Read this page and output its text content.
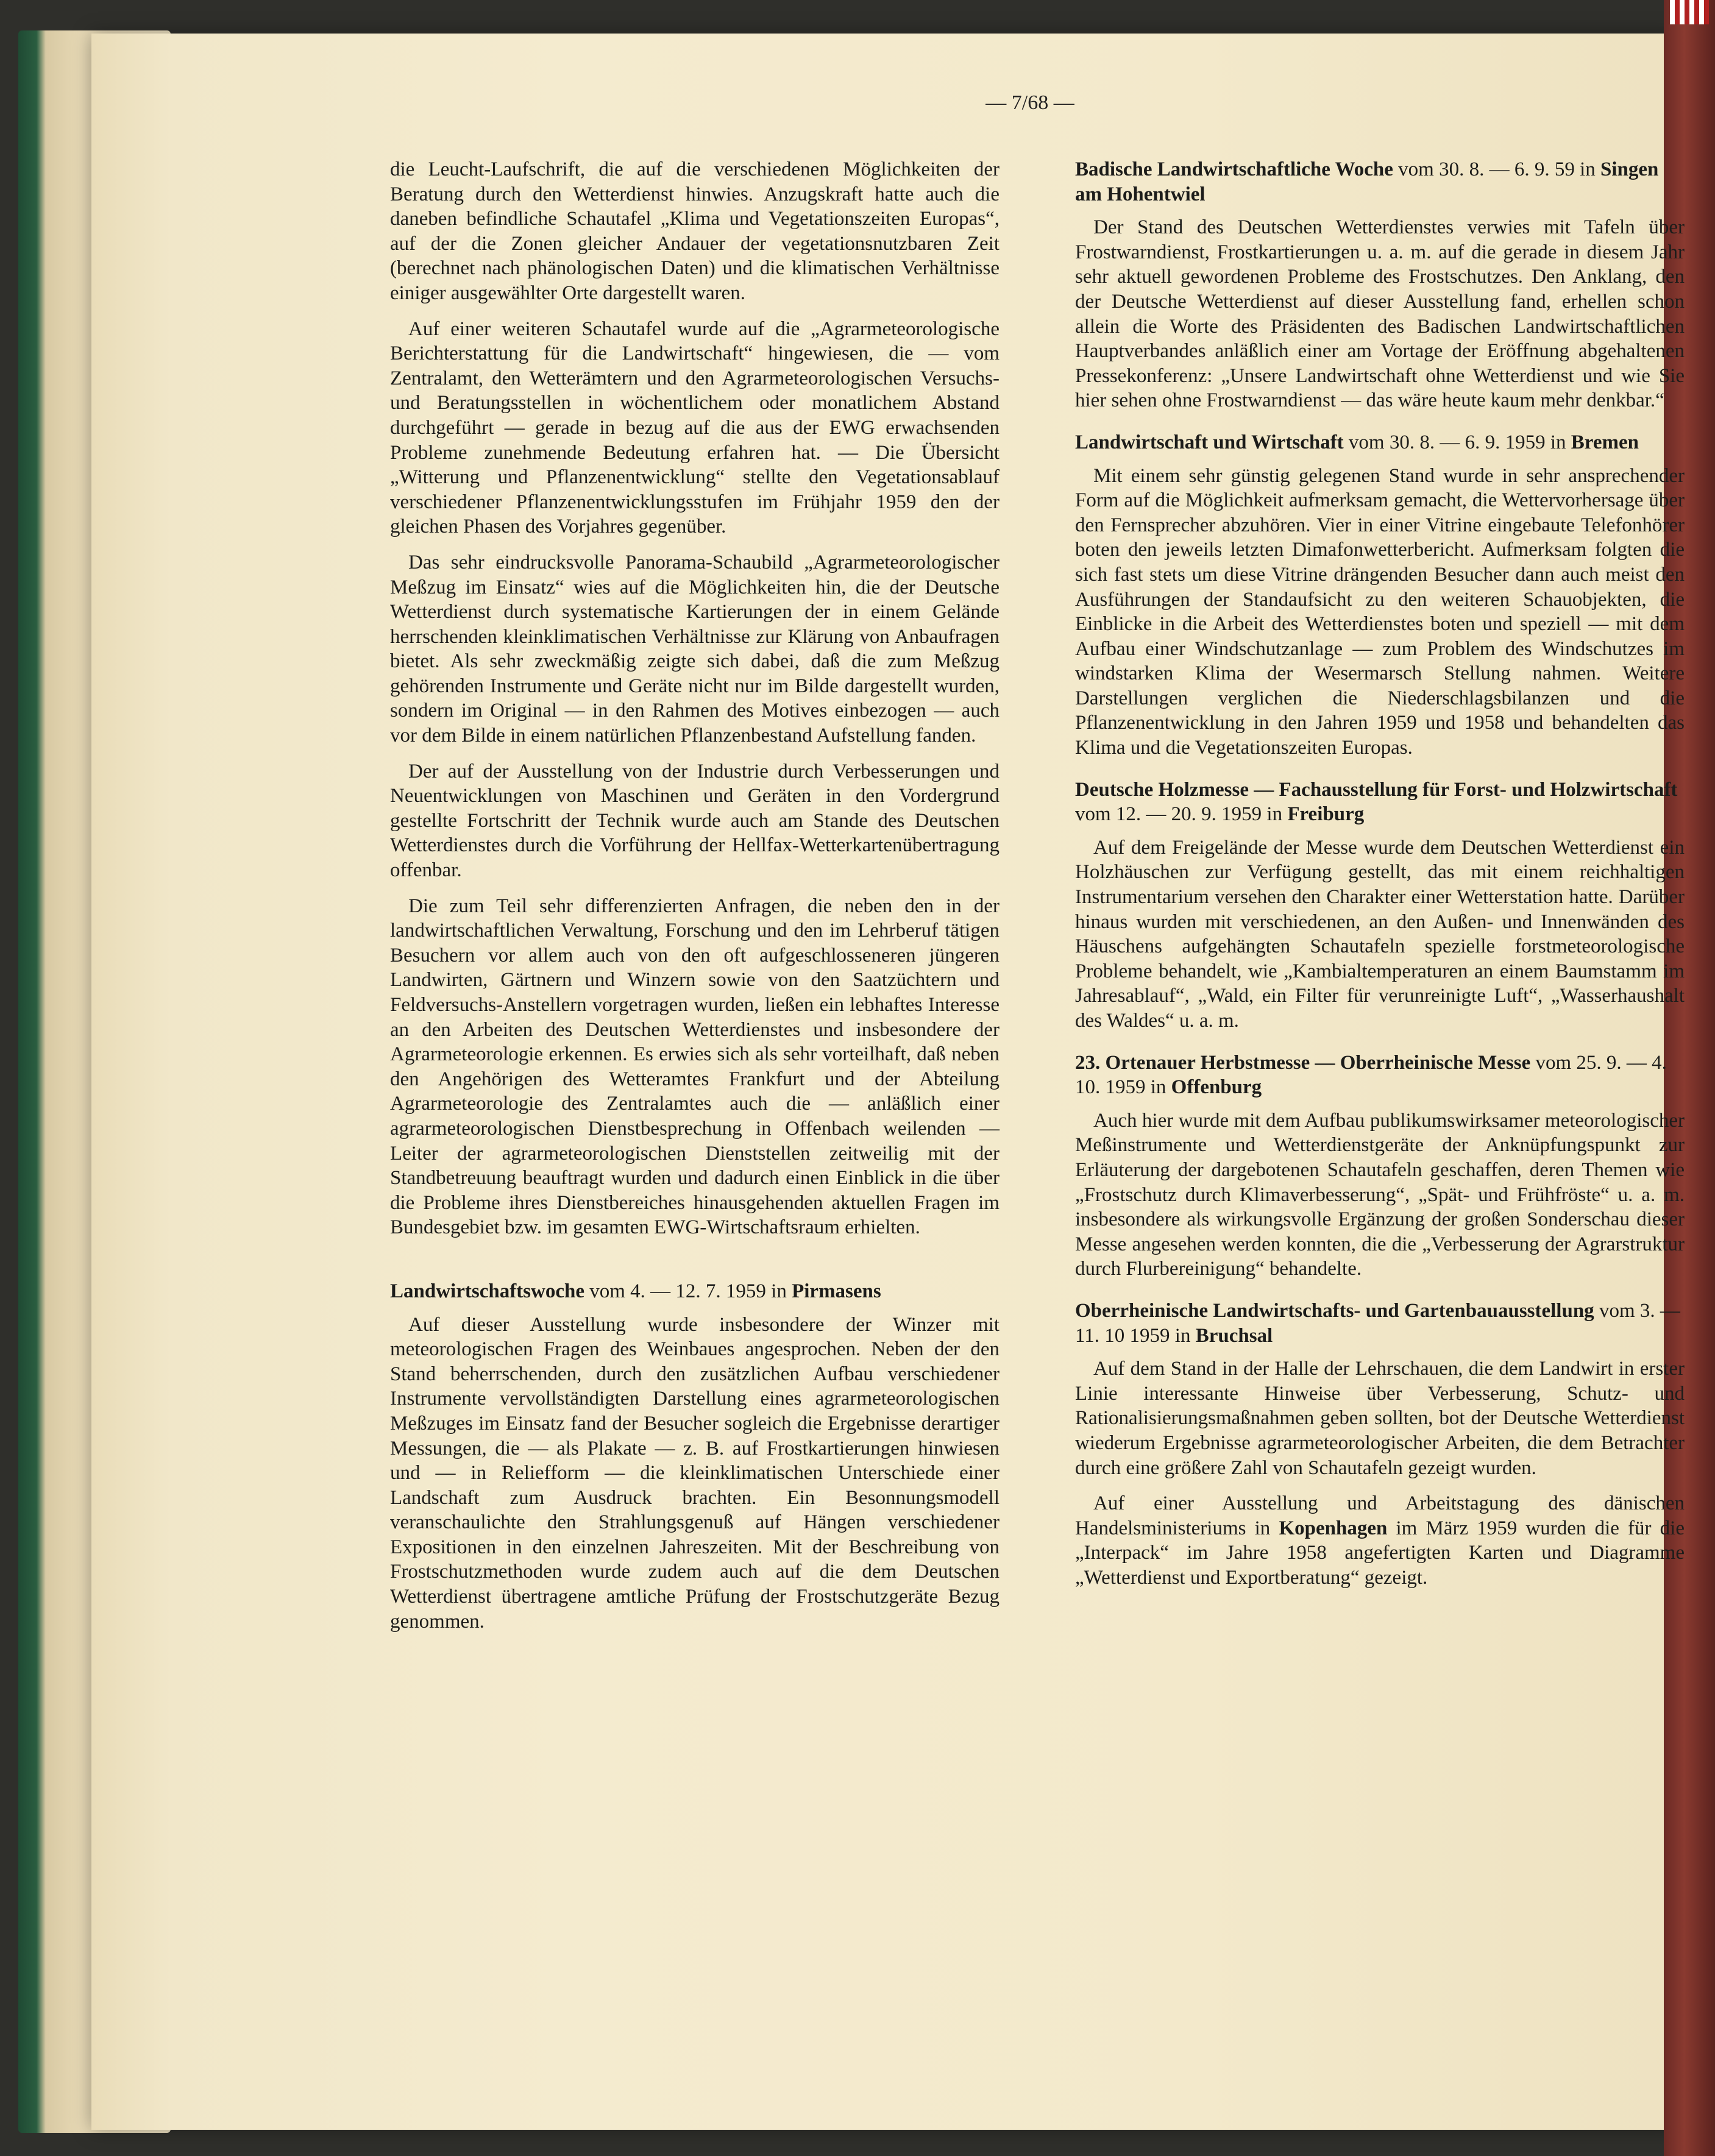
— 7/68 —

die Leucht-Laufschrift, die auf die verschiedenen Möglichkeiten der Beratung durch den Wetterdienst hinwies. Anzugskraft hatte auch die daneben befindliche Schautafel „Klima und Vegetationszeiten Europas“, auf der die Zonen gleicher Andauer der vegetationsnutzbaren Zeit (berechnet nach phänologischen Daten) und die klimatischen Verhältnisse einiger ausgewählter Orte dargestellt waren.

Auf einer weiteren Schautafel wurde auf die „Agrarmeteorologische Berichterstattung für die Landwirtschaft“ hingewiesen, die — vom Zentralamt, den Wetterämtern und den Agrarmeteorologischen Versuchs- und Beratungsstellen in wöchentlichem oder monatlichem Abstand durchgeführt — gerade in bezug auf die aus der EWG erwachsenden Probleme zunehmende Bedeutung erfahren hat. — Die Übersicht „Witterung und Pflanzenentwicklung“ stellte den Vegetationsablauf verschiedener Pflanzenentwicklungsstufen im Frühjahr 1959 den der gleichen Phasen des Vorjahres gegenüber.

Das sehr eindrucksvolle Panorama-Schaubild „Agrarmeteorologischer Meßzug im Einsatz“ wies auf die Möglichkeiten hin, die der Deutsche Wetterdienst durch systematische Kartierungen der in einem Gelände herrschenden kleinklimatischen Verhältnisse zur Klärung von Anbaufragen bietet. Als sehr zweckmäßig zeigte sich dabei, daß die zum Meßzug gehörenden Instrumente und Geräte nicht nur im Bilde dargestellt wurden, sondern im Original — in den Rahmen des Motives einbezogen — auch vor dem Bilde in einem natürlichen Pflanzenbestand Aufstellung fanden.

Der auf der Ausstellung von der Industrie durch Verbesserungen und Neuentwicklungen von Maschinen und Geräten in den Vordergrund gestellte Fortschritt der Technik wurde auch am Stande des Deutschen Wetterdienstes durch die Vorführung der Hellfax-Wetterkartenübertragung offenbar.

Die zum Teil sehr differenzierten Anfragen, die neben den in der landwirtschaftlichen Verwaltung, Forschung und den im Lehrberuf tätigen Besuchern vor allem auch von den oft aufgeschlosseneren jüngeren Landwirten, Gärtnern und Winzern sowie von den Saatzüchtern und Feldversuchs-Anstellern vorgetragen wurden, ließen ein lebhaftes Interesse an den Arbeiten des Deutschen Wetterdienstes und insbesondere der Agrarmeteorologie erkennen. Es erwies sich als sehr vorteilhaft, daß neben den Angehörigen des Wetteramtes Frankfurt und der Abteilung Agrarmeteorologie des Zentralamtes auch die — anläßlich einer agrarmeteorologischen Dienstbesprechung in Offenbach weilenden — Leiter der agrarmeteorologischen Dienststellen zeitweilig mit der Standbetreuung beauftragt wurden und dadurch einen Einblick in die über die Probleme ihres Dienstbereiches hinausgehenden aktuellen Fragen im Bundesgebiet bzw. im gesamten EWG-Wirtschaftsraum erhielten.

Landwirtschaftswoche vom 4. — 12. 7. 1959 in Pirmasens

Auf dieser Ausstellung wurde insbesondere der Winzer mit meteorologischen Fragen des Weinbaues angesprochen. Neben der den Stand beherrschenden, durch den zusätzlichen Aufbau verschiedener Instrumente vervollständigten Darstellung eines agrarmeteorologischen Meßzuges im Einsatz fand der Besucher sogleich die Ergebnisse derartiger Messungen, die — als Plakate — z. B. auf Frostkartierungen hinwiesen und — in Reliefform — die kleinklimatischen Unterschiede einer Landschaft zum Ausdruck brachten. Ein Besonnungsmodell veranschaulichte den Strahlungsgenuß auf Hängen verschiedener Expositionen in den einzelnen Jahreszeiten. Mit der Beschreibung von Frostschutzmethoden wurde zudem auch auf die dem Deutschen Wetterdienst übertragene amtliche Prüfung der Frostschutzgeräte Bezug genommen.

Badische Landwirtschaftliche Woche vom 30. 8. — 6. 9. 59 in Singen am Hohentwiel

Der Stand des Deutschen Wetterdienstes verwies mit Tafeln über Frostwarndienst, Frostkartierungen u. a. m. auf die gerade in diesem Jahr sehr aktuell gewordenen Probleme des Frostschutzes. Den Anklang, den der Deutsche Wetterdienst auf dieser Ausstellung fand, erhellen schon allein die Worte des Präsidenten des Badischen Landwirtschaftlichen Hauptverbandes anläßlich einer am Vortage der Eröffnung abgehaltenen Pressekonferenz: „Unsere Landwirtschaft ohne Wetterdienst und wie Sie hier sehen ohne Frostwarndienst — das wäre heute kaum mehr denkbar.“

Landwirtschaft und Wirtschaft vom 30. 8. — 6. 9. 1959 in Bremen

Mit einem sehr günstig gelegenen Stand wurde in sehr ansprechender Form auf die Möglichkeit aufmerksam gemacht, die Wettervorhersage über den Fernsprecher abzuhören. Vier in einer Vitrine eingebaute Telefonhörer boten den jeweils letzten Dimafonwetterbericht. Aufmerksam folgten die sich fast stets um diese Vitrine drängenden Besucher dann auch meist den Ausführungen der Standaufsicht zu den weiteren Schauobjekten, die Einblicke in die Arbeit des Wetterdienstes boten und speziell — mit dem Aufbau einer Windschutzanlage — zum Problem des Windschutzes im windstarken Klima der Wesermarsch Stellung nahmen. Weitere Darstellungen verglichen die Niederschlagsbilanzen und die Pflanzenentwicklung in den Jahren 1959 und 1958 und behandelten das Klima und die Vegetationszeiten Europas.

Deutsche Holzmesse — Fachausstellung für Forst- und Holzwirtschaft vom 12. — 20. 9. 1959 in Freiburg

Auf dem Freigelände der Messe wurde dem Deutschen Wetterdienst ein Holzhäuschen zur Verfügung gestellt, das mit einem reichhaltigen Instrumentarium versehen den Charakter einer Wetterstation hatte. Darüber hinaus wurden mit verschiedenen, an den Außen- und Innenwänden des Häuschens aufgehängten Schautafeln spezielle forstmeteorologische Probleme behandelt, wie „Kambialtemperaturen an einem Baumstamm im Jahresablauf“, „Wald, ein Filter für verunreinigte Luft“, „Wasserhaushalt des Waldes“ u. a. m.

23. Ortenauer Herbstmesse — Oberrheinische Messe vom 25. 9. — 4. 10. 1959 in Offenburg

Auch hier wurde mit dem Aufbau publikumswirksamer meteorologischer Meßinstrumente und Wetterdienstgeräte der Anknüpfungspunkt zur Erläuterung der dargebotenen Schautafeln geschaffen, deren Themen wie „Frostschutz durch Klimaverbesserung“, „Spät- und Frühfröste“ u. a. m. insbesondere als wirkungsvolle Ergänzung der großen Sonderschau dieser Messe angesehen werden konnten, die die „Verbesserung der Agrarstruktur durch Flurbereinigung“ behandelte.

Oberrheinische Landwirtschafts- und Gartenbauausstellung vom 3. — 11. 10 1959 in Bruchsal

Auf dem Stand in der Halle der Lehrschauen, die dem Landwirt in erster Linie interessante Hinweise über Verbesserung, Schutz- und Rationalisierungsmaßnahmen geben sollten, bot der Deutsche Wetterdienst wiederum Ergebnisse agrarmeteorologischer Arbeiten, die dem Betrachter durch eine größere Zahl von Schautafeln gezeigt wurden.

Auf einer Ausstellung und Arbeitstagung des dänischen Handelsministeriums in Kopenhagen im März 1959 wurden die für die „Interpack“ im Jahre 1958 angefertigten Karten und Diagramme „Wetterdienst und Exportberatung“ gezeigt.
